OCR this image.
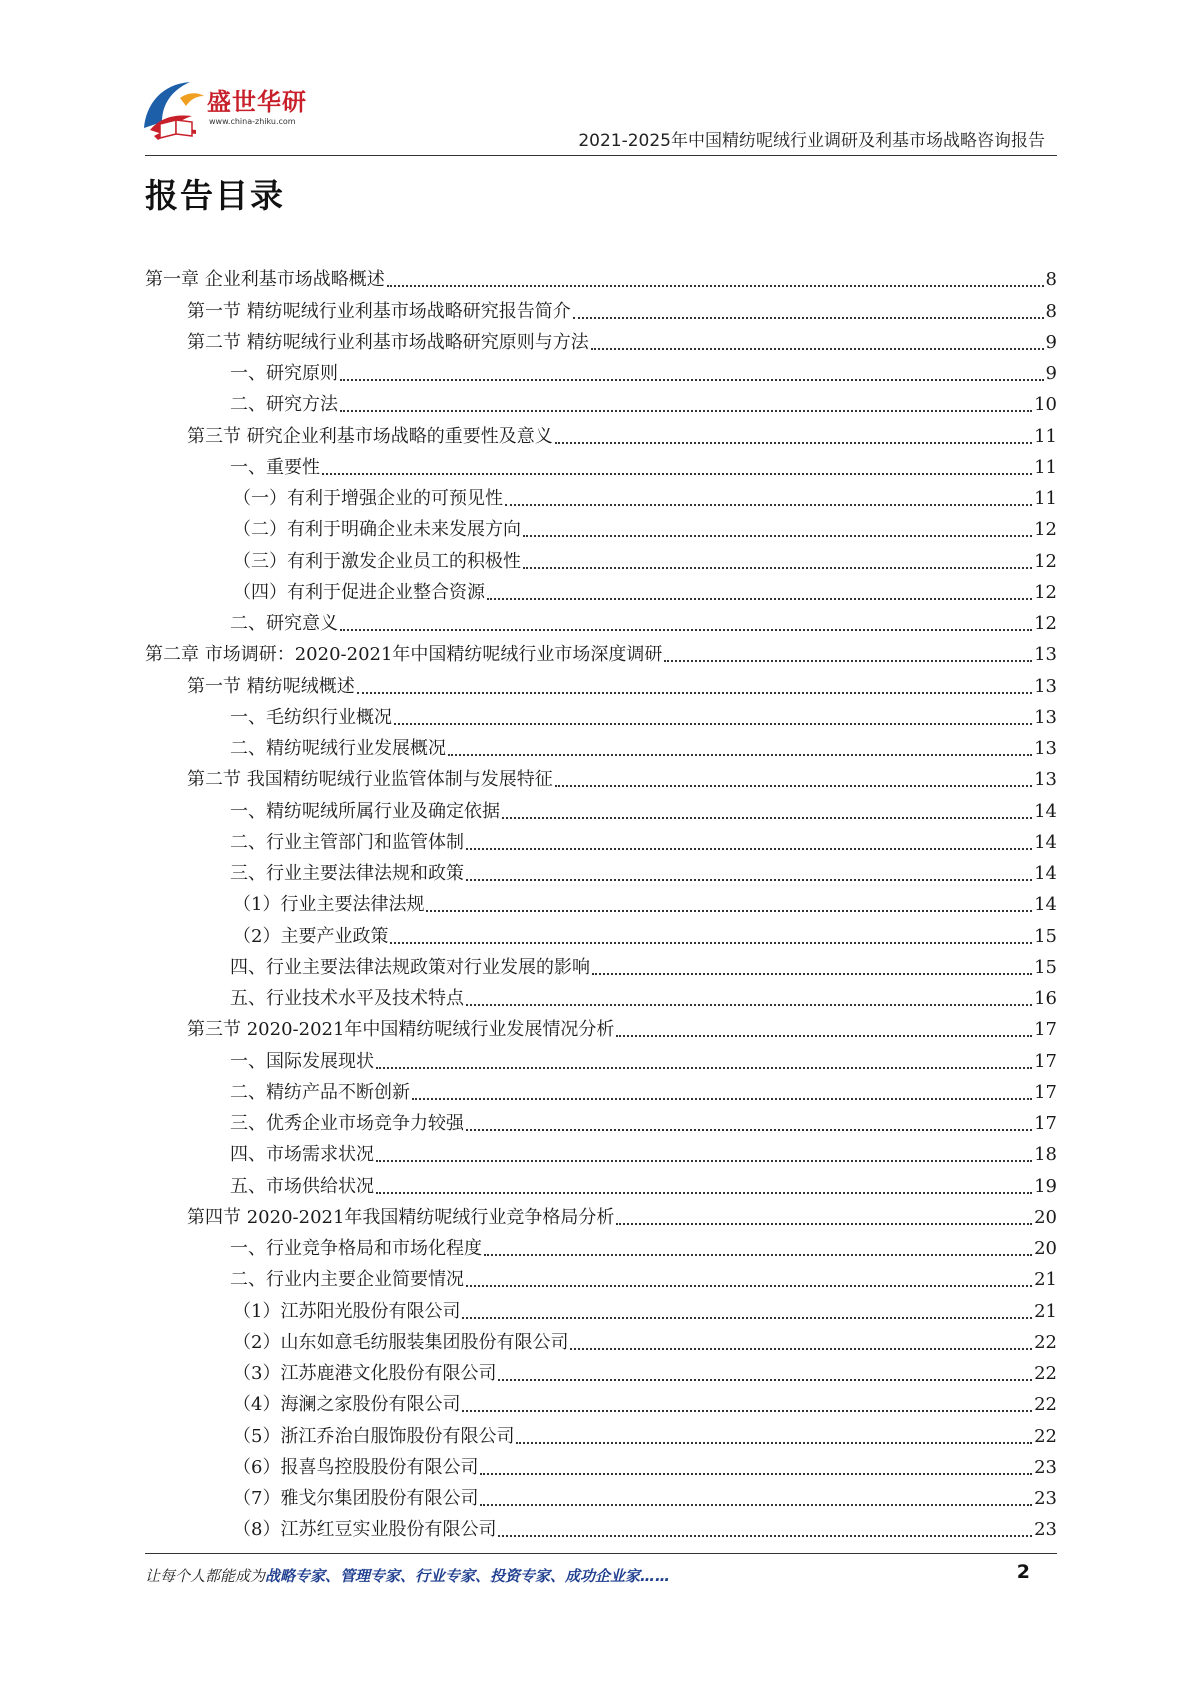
盛世华研
www.china-zhiku.com
2021-2025年中国精纺呢绒行业调研及利基市场战略咨询报告
报告目录
第一章 企业利基市场战略概述	8
第一节 精纺呢绒行业利基市场战略研究报告简介	8
第二节 精纺呢绒行业利基市场战略研究原则与方法	9
一、研究原则	9
二、研究方法	10
第三节 研究企业利基市场战略的重要性及意义	11
一、重要性	11
（一）有利于增强企业的可预见性	11
（二）有利于明确企业未来发展方向	12
（三）有利于激发企业员工的积极性	12
（四）有利于促进企业整合资源	12
二、研究意义	12
第二章 市场调研：2020-2021年中国精纺呢绒行业市场深度调研	13
第一节 精纺呢绒概述	13
一、毛纺织行业概况	13
二、精纺呢绒行业发展概况	13
第二节 我国精纺呢绒行业监管体制与发展特征	13
一、精纺呢绒所属行业及确定依据	14
二、行业主管部门和监管体制	14
三、行业主要法律法规和政策	14
（1）行业主要法律法规	14
（2）主要产业政策	15
四、行业主要法律法规政策对行业发展的影响	15
五、行业技术水平及技术特点	16
第三节 2020-2021年中国精纺呢绒行业发展情况分析	17
一、国际发展现状	17
二、精纺产品不断创新	17
三、优秀企业市场竞争力较强	17
四、市场需求状况	18
五、市场供给状况	19
第四节 2020-2021年我国精纺呢绒行业竞争格局分析	20
一、行业竞争格局和市场化程度	20
二、行业内主要企业简要情况	21
（1）江苏阳光股份有限公司	21
（2）山东如意毛纺服装集团股份有限公司	22
（3）江苏鹿港文化股份有限公司	22
（4）海澜之家股份有限公司	22
（5）浙江乔治白服饰股份有限公司	22
（6）报喜鸟控股股份有限公司	23
（7）雅戈尔集团股份有限公司	23
（8）江苏红豆实业股份有限公司	23
让每个人都能成为战略专家、管理专家、行业专家、投资专家、成功企业家……	2
